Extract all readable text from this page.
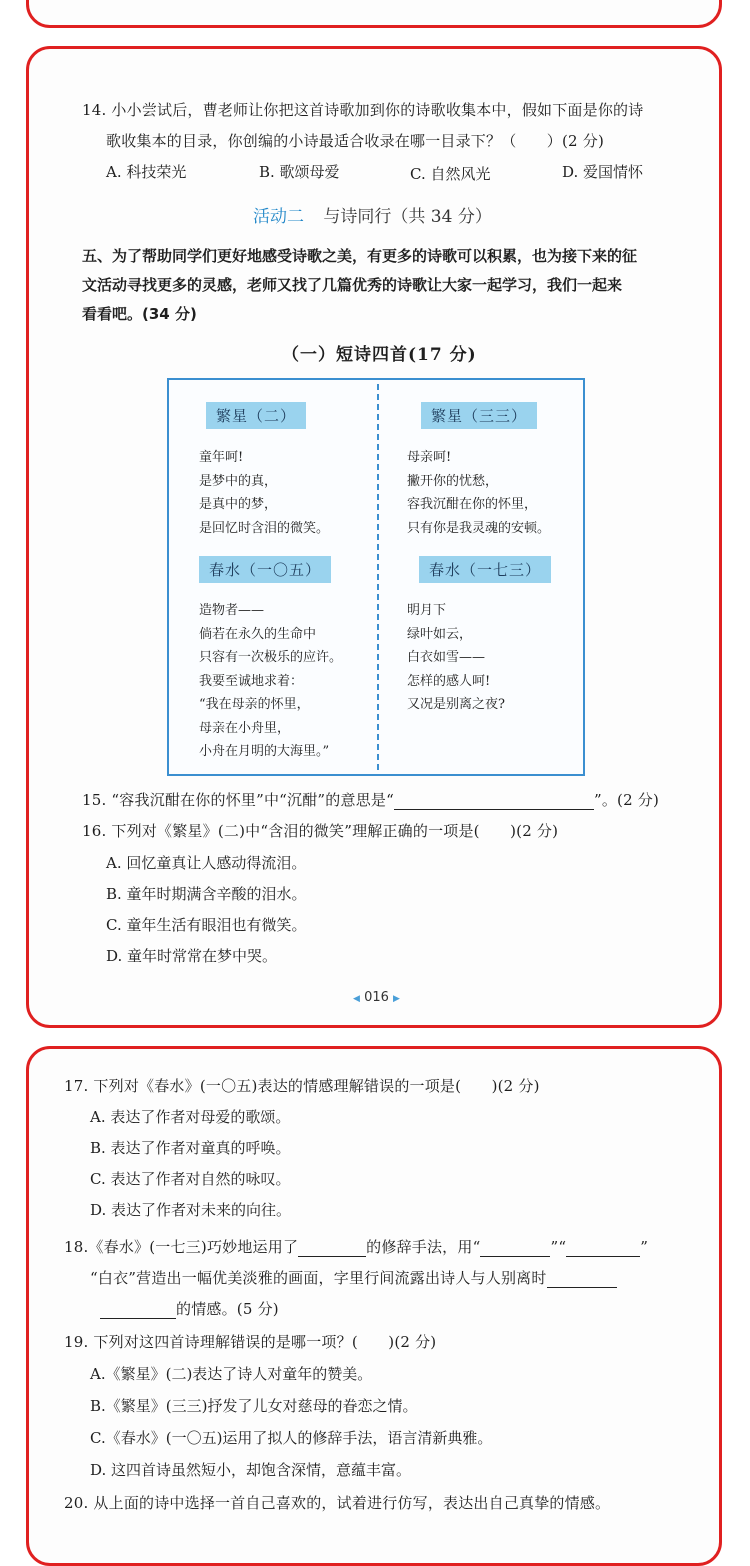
14. 小小尝试后，曹老师让你把这首诗歌加到你的诗歌收集本中，假如下面是你的诗
歌收集本的目录，你创编的小诗最适合收录在哪一目录下？（　　）(2 分)
A. 科技荣光	B. 歌颂母爱	C. 自然风光	D. 爱国情怀
活动二 与诗同行（共 34 分）
五、为了帮助同学们更好地感受诗歌之美，有更多的诗歌可以积累，也为接下来的征
文活动寻找更多的灵感，老师又找了几篇优秀的诗歌让大家一起学习，我们一起来
看看吧。(34 分)
（一）短诗四首(17 分)
繁星（二）
童年呵!
是梦中的真，
是真中的梦，
是回忆时含泪的微笑。
繁星（三三）
母亲呵!
撇开你的忧愁，
容我沉酣在你的怀里，
只有你是我灵魂的安顿。
春水（一〇五）
造物者——
倘若在永久的生命中
只容有一次极乐的应许。
我要至诚地求着：
“我在母亲的怀里，
母亲在小舟里，
小舟在月明的大海里。”
春水（一七三）
明月下
绿叶如云，
白衣如雪——
怎样的感人呵!
又况是别离之夜?
15. “容我沉酣在你的怀里”中“沉酣”的意思是“	”。(2 分)
16. 下列对《繁星》(二)中“含泪的微笑”理解正确的一项是(　　)(2 分)
A. 回忆童真让人感动得流泪。
B. 童年时期满含辛酸的泪水。
C. 童年生活有眼泪也有微笑。
D. 童年时常常在梦中哭。
◀ 016 ▶
17. 下列对《春水》(一〇五)表达的情感理解错误的一项是(　　)(2 分)
A. 表达了作者对母爱的歌颂。
B. 表达了作者对童真的呼唤。
C. 表达了作者对自然的咏叹。
D. 表达了作者对未来的向往。
18.《春水》(一七三)巧妙地运用了	的修辞手法，用“	”“	”
“白衣”营造出一幅优美淡雅的画面，字里行间流露出诗人与人别离时
的情感。(5 分)
19. 下列对这四首诗理解错误的是哪一项？(　　)(2 分)
A.《繁星》(二)表达了诗人对童年的赞美。
B.《繁星》(三三)抒发了儿女对慈母的眷恋之情。
C.《春水》(一〇五)运用了拟人的修辞手法，语言清新典雅。
D. 这四首诗虽然短小，却饱含深情，意蕴丰富。
20. 从上面的诗中选择一首自己喜欢的，试着进行仿写，表达出自己真挚的情感。
